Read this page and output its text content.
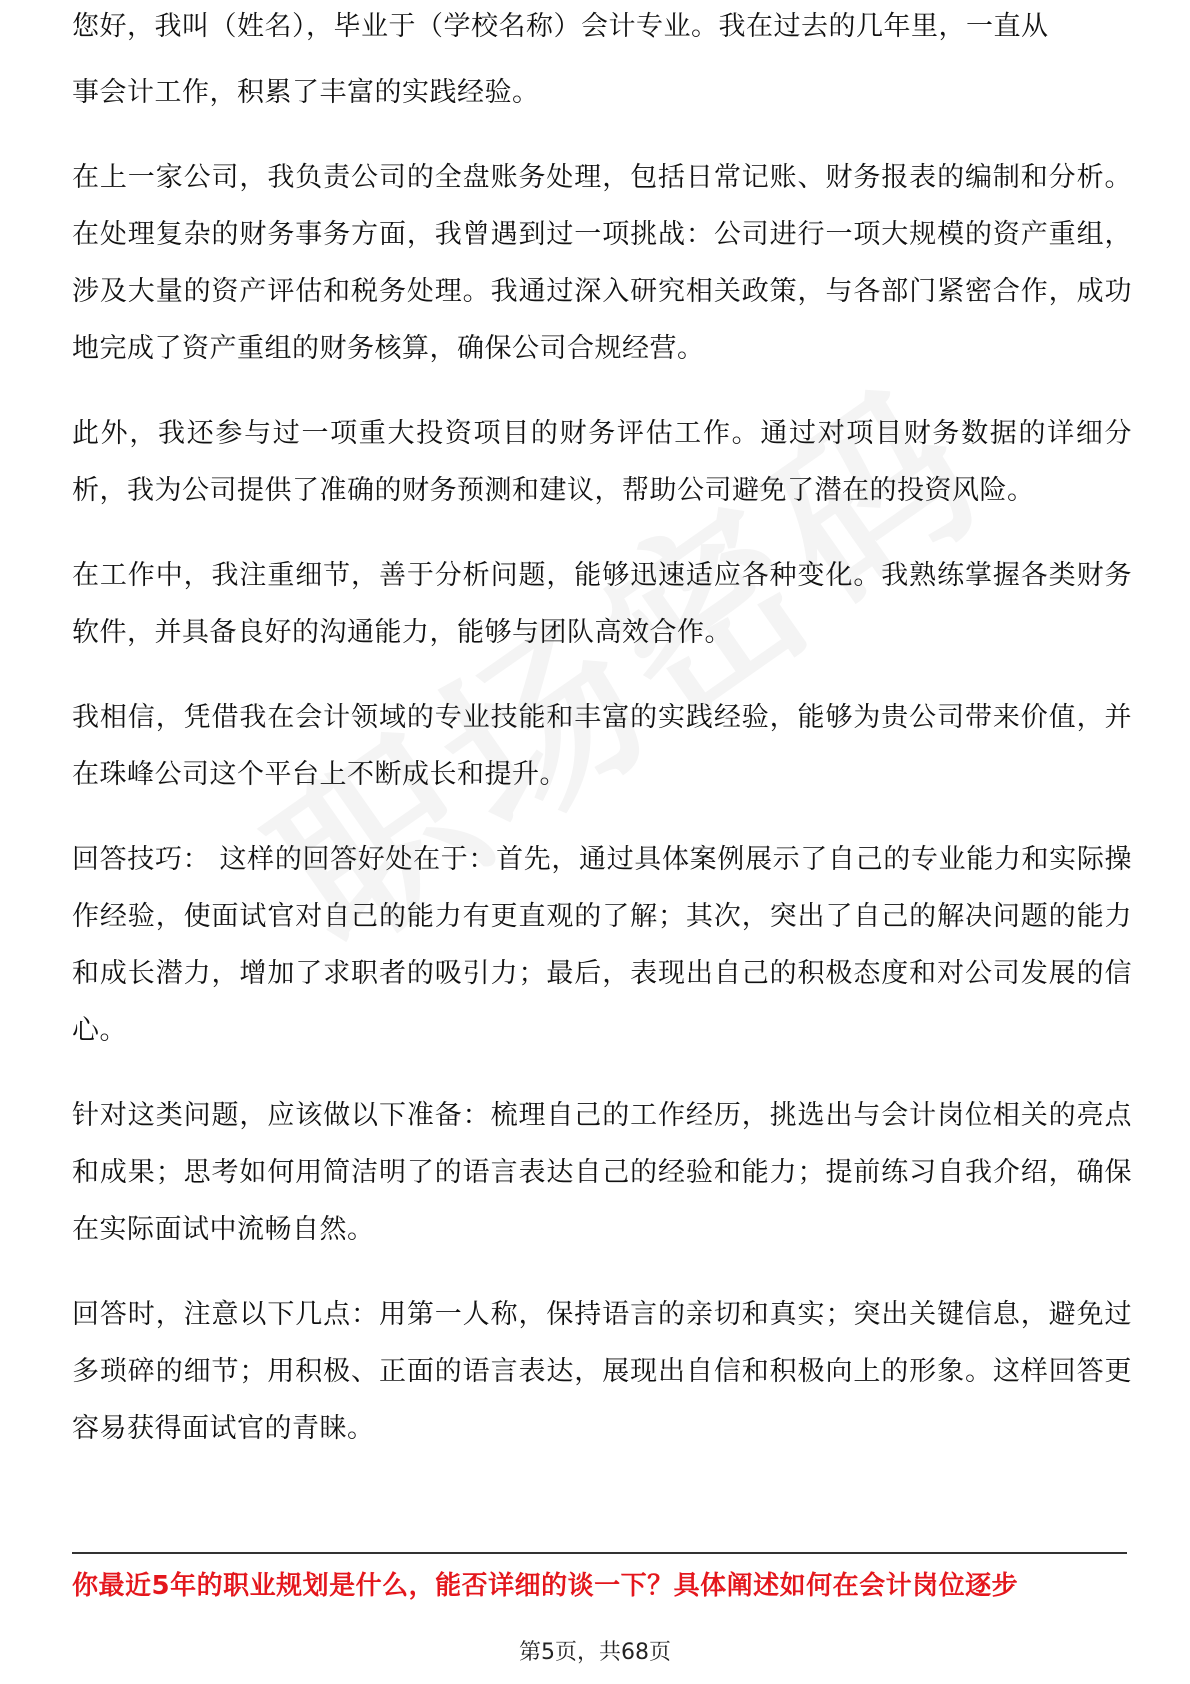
您好，我叫（姓名），毕业于（学校名称）会计专业。我在过去的几年里，一直从

事会计工作，积累了丰富的实践经验。

在上一家公司，我负责公司的全盘账务处理，包括日常记账、财务报表的编制和分析。在处理复杂的财务事务方面，我曾遇到过一项挑战：公司进行一项大规模的资产重组，涉及大量的资产评估和税务处理。我通过深入研究相关政策，与各部门紧密合作，成功地完成了资产重组的财务核算，确保公司合规经营。

此外，我还参与过一项重大投资项目的财务评估工作。通过对项目财务数据的详细分析，我为公司提供了准确的财务预测和建议，帮助公司避免了潜在的投资风险。

在工作中，我注重细节，善于分析问题，能够迅速适应各种变化。我熟练掌握各类财务软件，并具备良好的沟通能力，能够与团队高效合作。

我相信，凭借我在会计领域的专业技能和丰富的实践经验，能够为贵公司带来价值，并在珠峰公司这个平台上不断成长和提升。

回答技巧： 这样的回答好处在于：首先，通过具体案例展示了自己的专业能力和实际操作经验，使面试官对自己的能力有更直观的了解；其次，突出了自己的解决问题的能力和成长潜力，增加了求职者的吸引力；最后，表现出自己的积极态度和对公司发展的信心。

针对这类问题，应该做以下准备：梳理自己的工作经历，挑选出与会计岗位相关的亮点和成果；思考如何用简洁明了的语言表达自己的经验和能力；提前练习自我介绍，确保在实际面试中流畅自然。

回答时，注意以下几点：用第一人称，保持语言的亲切和真实；突出关键信息，避免过多琐碎的细节；用积极、正面的语言表达，展现出自信和积极向上的形象。这样回答更容易获得面试官的青睐。

你最近5年的职业规划是什么，能否详细的谈一下？具体阐述如何在会计岗位逐步
第5页，共68页
